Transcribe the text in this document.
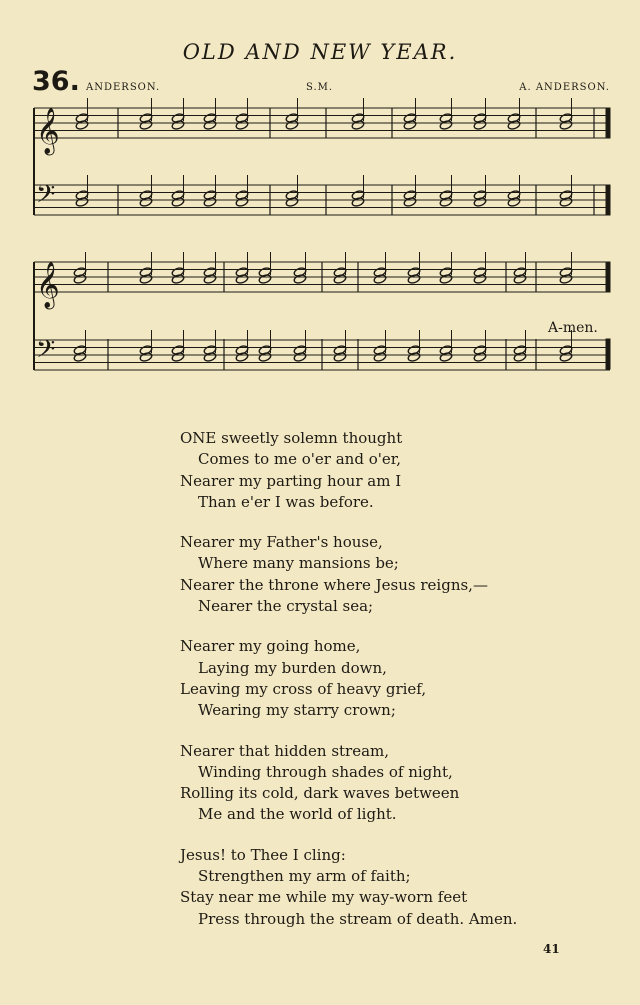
OLD AND NEW YEAR.
36. ANDERSON.	S.M.	A. ANDERSON.
𝄞
𝄢
𝄞
𝄢
A-men.
ONE sweetly solemn thought
Comes to me o'er and o'er,
Nearer my parting hour am I
Than e'er I was before.
Nearer my Father's house,
Where many mansions be;
Nearer the throne where Jesus reigns,—
Nearer the crystal sea;
Nearer my going home,
Laying my burden down,
Leaving my cross of heavy grief,
Wearing my starry crown;
Nearer that hidden stream,
Winding through shades of night,
Rolling its cold, dark waves between
Me and the world of light.
Jesus! to Thee I cling:
Strengthen my arm of faith;
Stay near me while my way-worn feet
Press through the stream of death. Amen.
41
